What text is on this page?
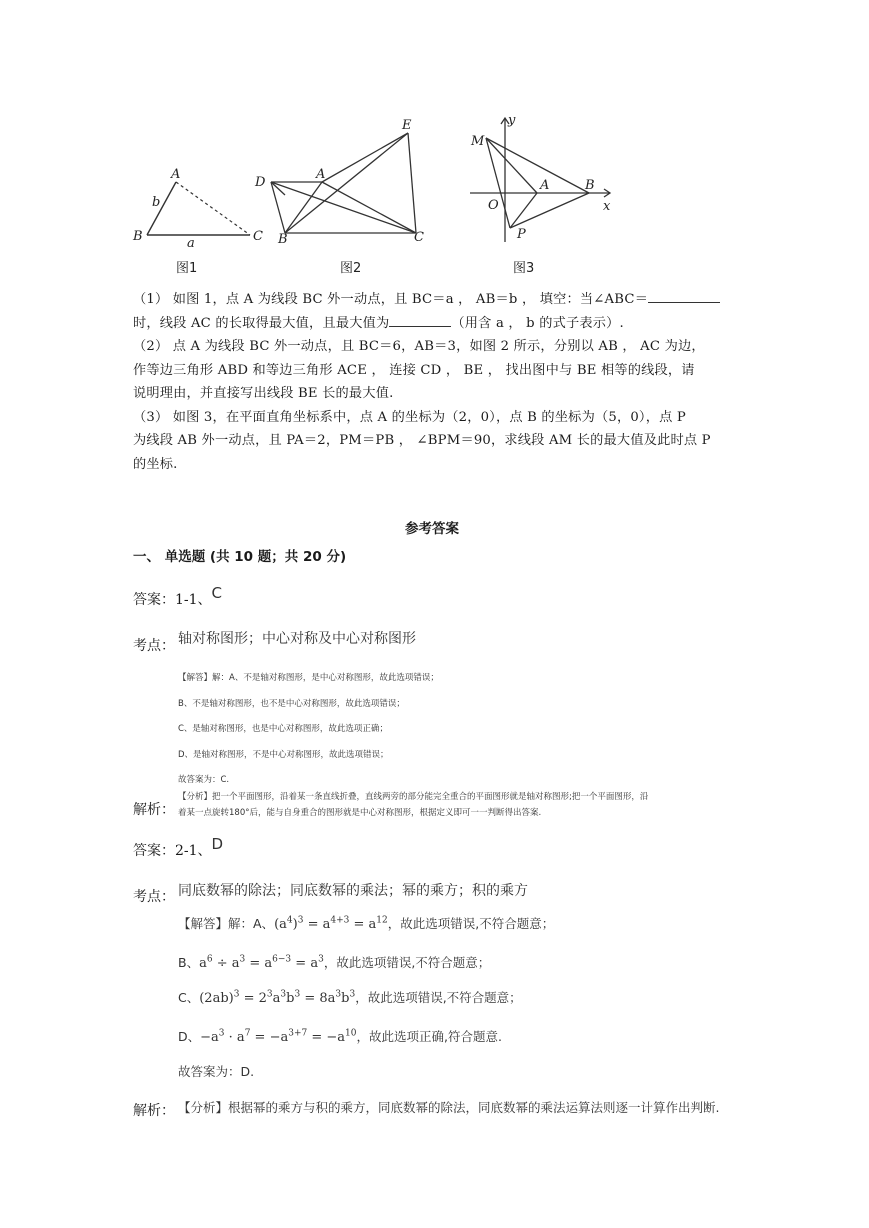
A
b
B	C
a
图1
E
D
A
B	C
图2
y
M
A	B
O	x
P
图3
（1） 如图 1，点 A 为线段 BC 外一动点，且 BC＝a ， AB＝b ， 填空：当∠ABC＝
时，线段 AC 的长取得最大值，且最大值为	（用含 a ， b 的式子表示）.
（2） 点 A 为线段 BC 外一动点，且 BC＝6，AB＝3，如图 2 所示，分别以 AB ， AC 为边，
作等边三角形 ABD 和等边三角形 ACE ， 连接 CD ， BE ， 找出图中与 BE 相等的线段，请
说明理由，并直接写出线段 BE 长的最大值.
（3） 如图 3，在平面直角坐标系中，点 A 的坐标为（2，0），点 B 的坐标为（5，0），点 P
为线段 AB 外一动点，且 PA＝2，PM＝PB ， ∠BPM＝90，求线段 AM 长的最大值及此时点 P
的坐标.
参考答案
一、 单选题 (共 10 题；共 20 分)
答案：1-1、C
考点： 轴对称图形；中心对称及中心对称图形
【解答】解：A、不是轴对称图形，是中心对称图形，故此选项错误；
B、不是轴对称图形，也不是中心对称图形，故此选项错误；
C、是轴对称图形，也是中心对称图形，故此选项正确；
D、是轴对称图形，不是中心对称图形，故此选项错误；
故答案为：C.
【分析】把一个平面图形，沿着某一条直线折叠，直线两旁的部分能完全重合的平面图形就是轴对称图形;把一个平面图形，沿
着某一点旋转180°后，能与自身重合的图形就是中心对称图形，根据定义即可一一判断得出答案.
解析：
答案：2-1、D
考点： 同底数幂的除法；同底数幂的乘法；幂的乘方；积的乘方
【解答】解：A、$(a^4)^3 = a^{4+3} = a^{12}$，故此选项错误,不符合题意；
B、$a^6 \div a^3 = a^{6-3} = a^3$，故此选项错误,不符合题意；
C、$(2ab)^3 = 2^3a^3b^3 = 8a^3b^3$，故此选项错误,不符合题意；
D、$-a^3 \cdot a^7 = -a^{3+7} = -a^{10}$，故此选项正确,符合题意.
故答案为：D.
解析： 【分析】根据幂的乘方与积的乘方，同底数幂的除法，同底数幂的乘法运算法则逐一计算作出判断.
